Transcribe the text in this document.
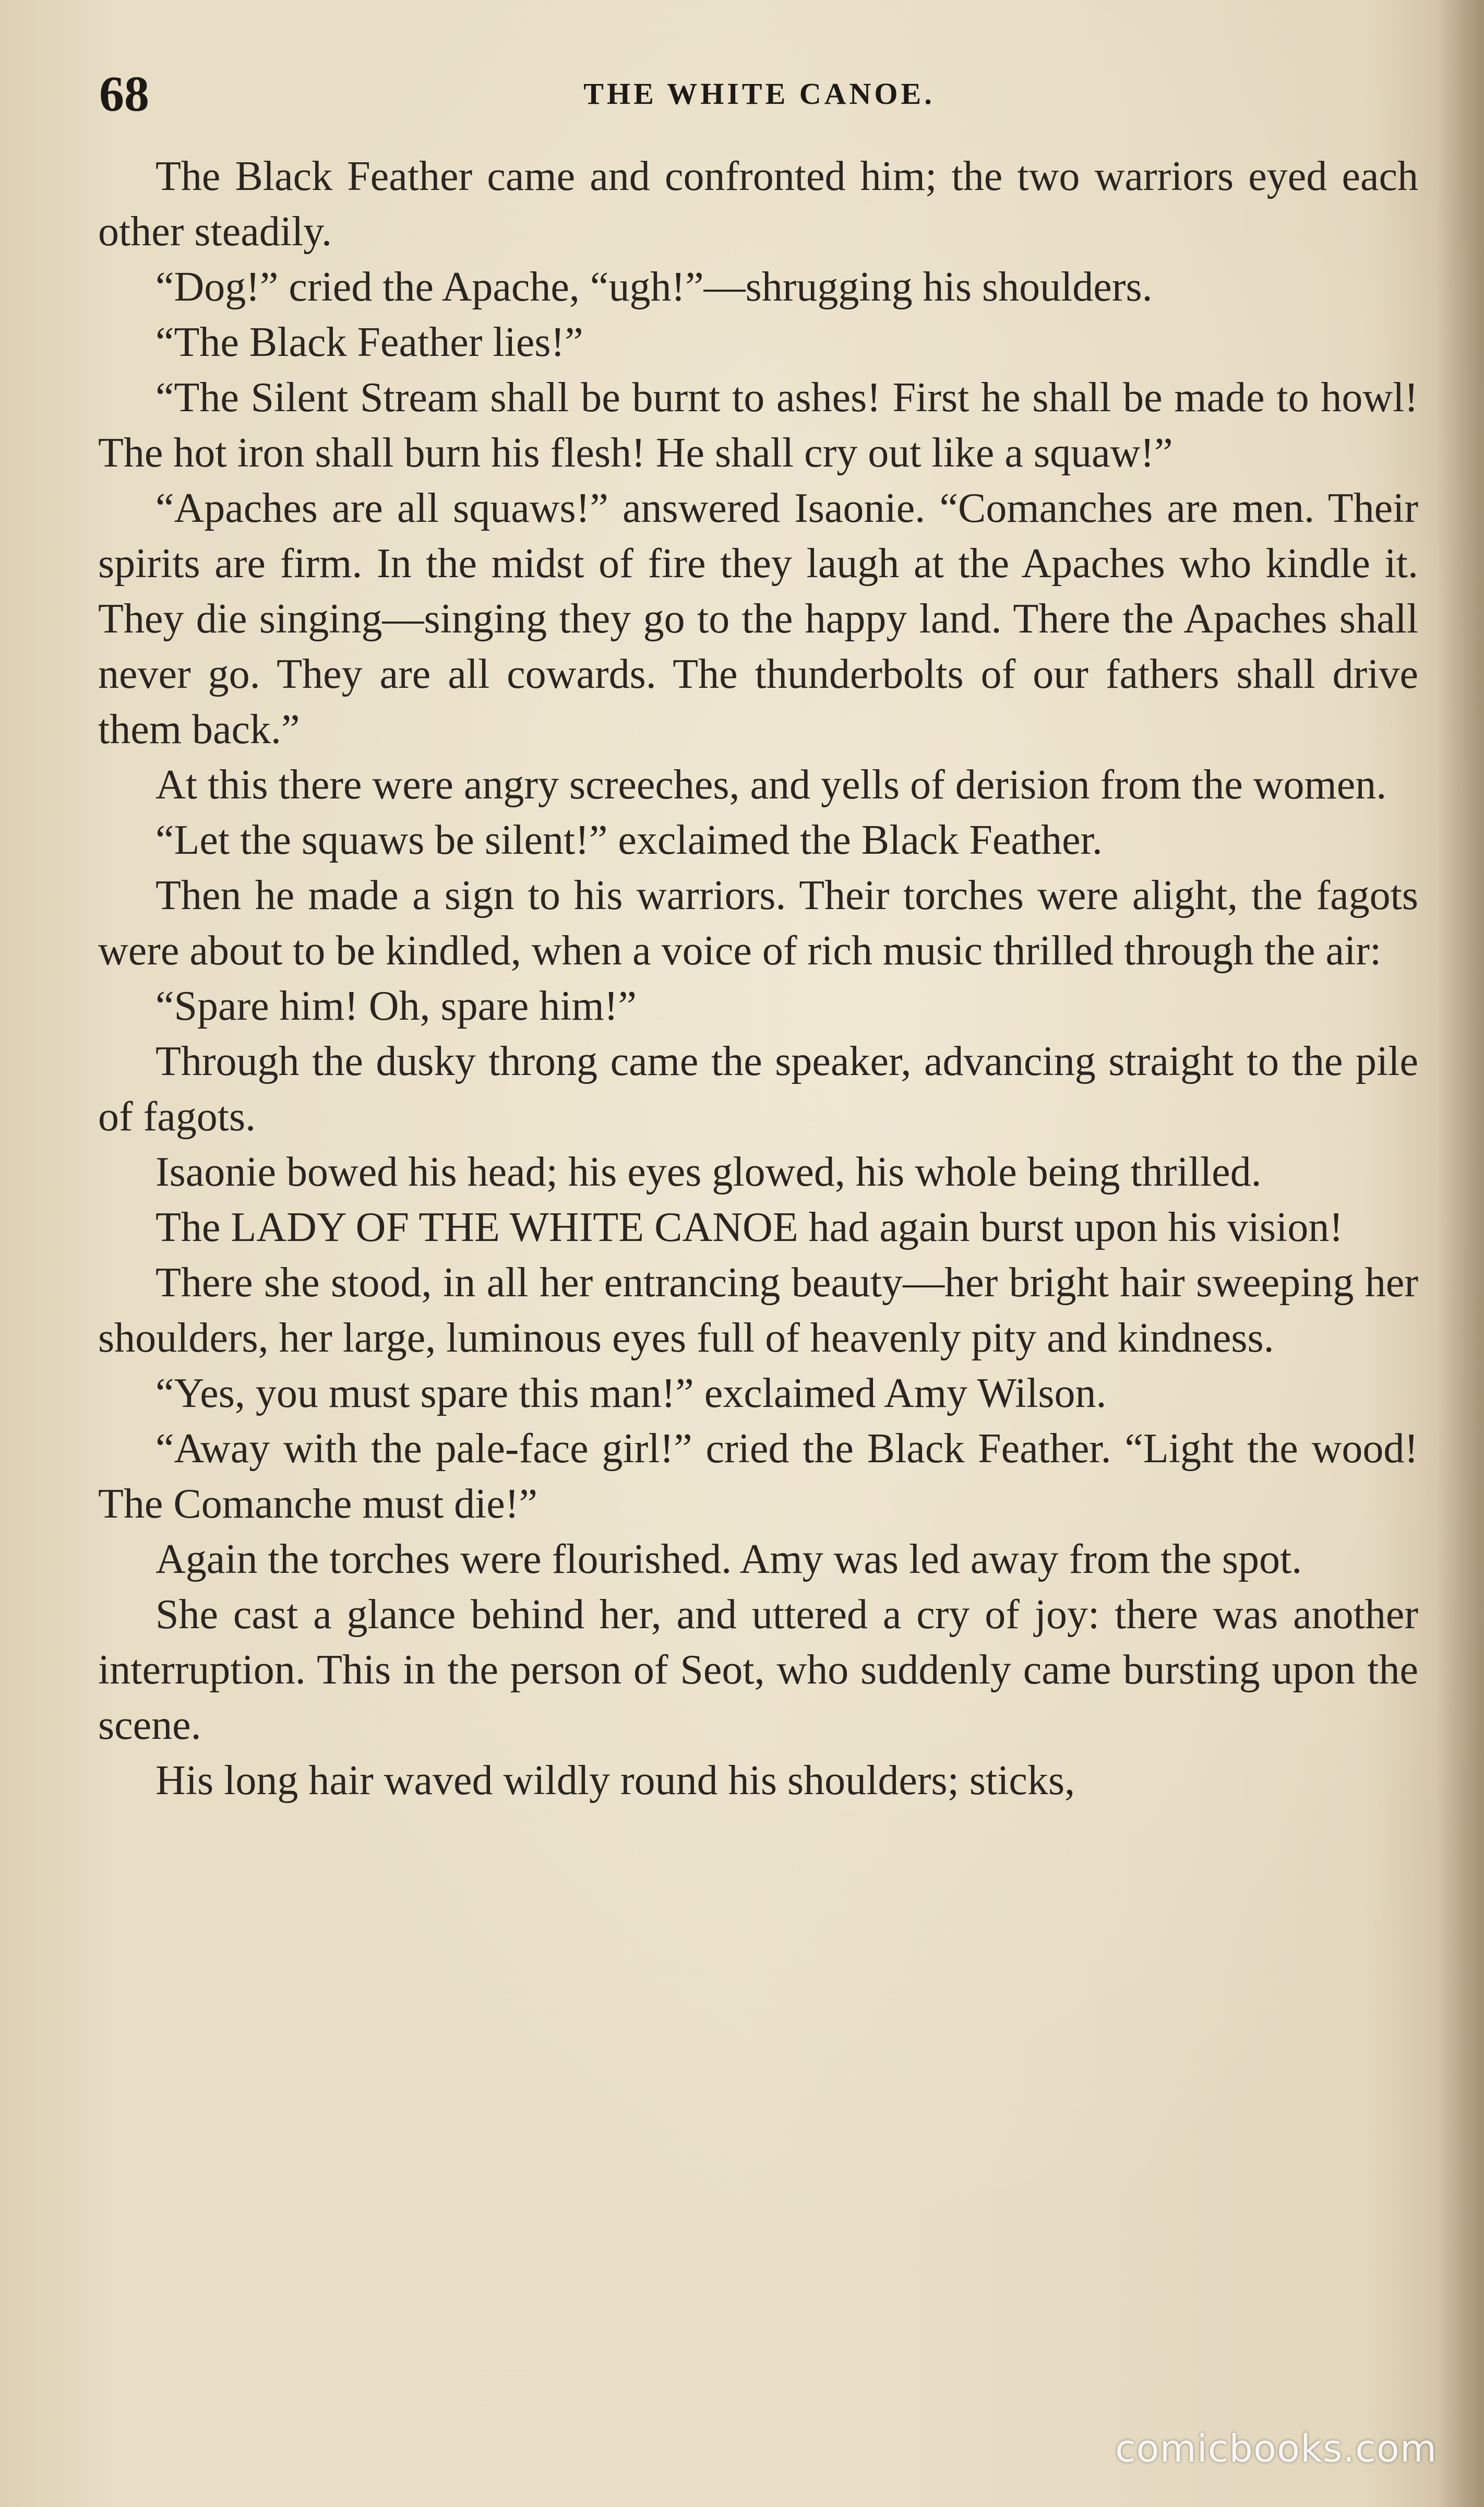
68	THE WHITE CANOE.

The Black Feather came and confronted him; the two warriors eyed each other steadily.

“Dog!” cried the Apache, “ugh!”—shrugging his shoulders.

“The Black Feather lies!”

“The Silent Stream shall be burnt to ashes! First he shall be made to howl! The hot iron shall burn his flesh! He shall cry out like a squaw!”

“Apaches are all squaws!” answered Isaonie. “Comanches are men. Their spirits are firm. In the midst of fire they laugh at the Apaches who kindle it. They die singing—singing they go to the happy land. There the Apaches shall never go. They are all cowards. The thunderbolts of our fathers shall drive them back.”

At this there were angry screeches, and yells of derision from the women.

“Let the squaws be silent!” exclaimed the Black Feather.

Then he made a sign to his warriors. Their torches were alight, the fagots were about to be kindled, when a voice of rich music thrilled through the air:

“Spare him! Oh, spare him!”

Through the dusky throng came the speaker, advancing straight to the pile of fagots.

Isaonie bowed his head; his eyes glowed, his whole being thrilled.

The LADY OF THE WHITE CANOE had again burst upon his vision!

There she stood, in all her entrancing beauty—her bright hair sweeping her shoulders, her large, luminous eyes full of heavenly pity and kindness.

“Yes, you must spare this man!” exclaimed Amy Wilson.

“Away with the pale-face girl!” cried the Black Feather. “Light the wood! The Comanche must die!”

Again the torches were flourished. Amy was led away from the spot.

She cast a glance behind her, and uttered a cry of joy: there was another interruption. This in the person of Seot, who suddenly came bursting upon the scene.

His long hair waved wildly round his shoulders; sticks,

comicbooks.com
